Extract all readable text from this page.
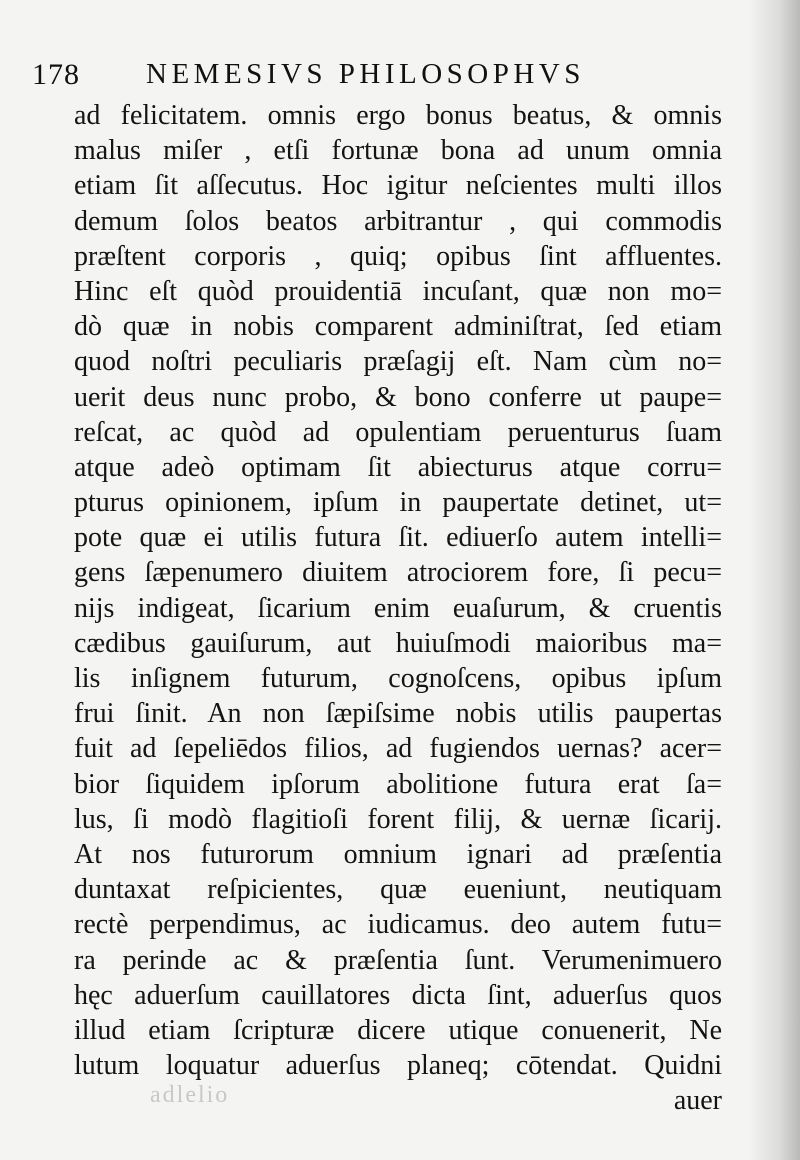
178 NEMESIVS PHILOSOPHVS
ad felicitatem. omnis ergo bonus beatus, & omnis
malus miſer , etſi fortunæ bona ad unum omnia
etiam ſit aſſecutus. Hoc igitur neſcientes multi illos
demum ſolos beatos arbitrantur , qui commodis
præſtent corporis , quiq; opibus ſint affluentes.
Hinc eſt quòd prouidentiā incuſant, quæ non mo=
dò quæ in nobis comparent adminiſtrat, ſed etiam
quod noſtri peculiaris præſagij eſt. Nam cùm no=
uerit deus nunc probo, & bono conferre ut paupe=
reſcat, ac quòd ad opulentiam peruenturus ſuam
atque adeò optimam ſit abiecturus atque corru=
pturus opinionem, ipſum in paupertate detinet, ut=
pote quæ ei utilis futura ſit. ediuerſo autem intelli=
gens ſæpenumero diuitem atrociorem fore, ſi pecu=
nijs indigeat, ſicarium enim euaſurum, & cruentis
cædibus gauiſurum, aut huiuſmodi maioribus ma=
lis inſignem futurum, cognoſcens, opibus ipſum
frui ſinit. An non ſæpiſsime nobis utilis paupertas
fuit ad ſepeliēdos filios, ad fugiendos uernas? acer=
bior ſiquidem ipſorum abolitione futura erat ſa=
lus, ſi modò flagitioſi forent filij, & uernæ ſicarij.
At nos futurorum omnium ignari ad præſentia
duntaxat reſpicientes, quæ eueniunt, neutiquam
rectè perpendimus, ac iudicamus. deo autem futu=
ra perinde ac & præſentia ſunt. Verumenimuero
hęc aduerſum cauillatores dicta ſint, aduerſus quos
illud etiam ſcripturæ dicere utique conuenerit, Ne
lutum loquatur aduerſus planeq; cōtendat. Quidni
adlelio	auer
